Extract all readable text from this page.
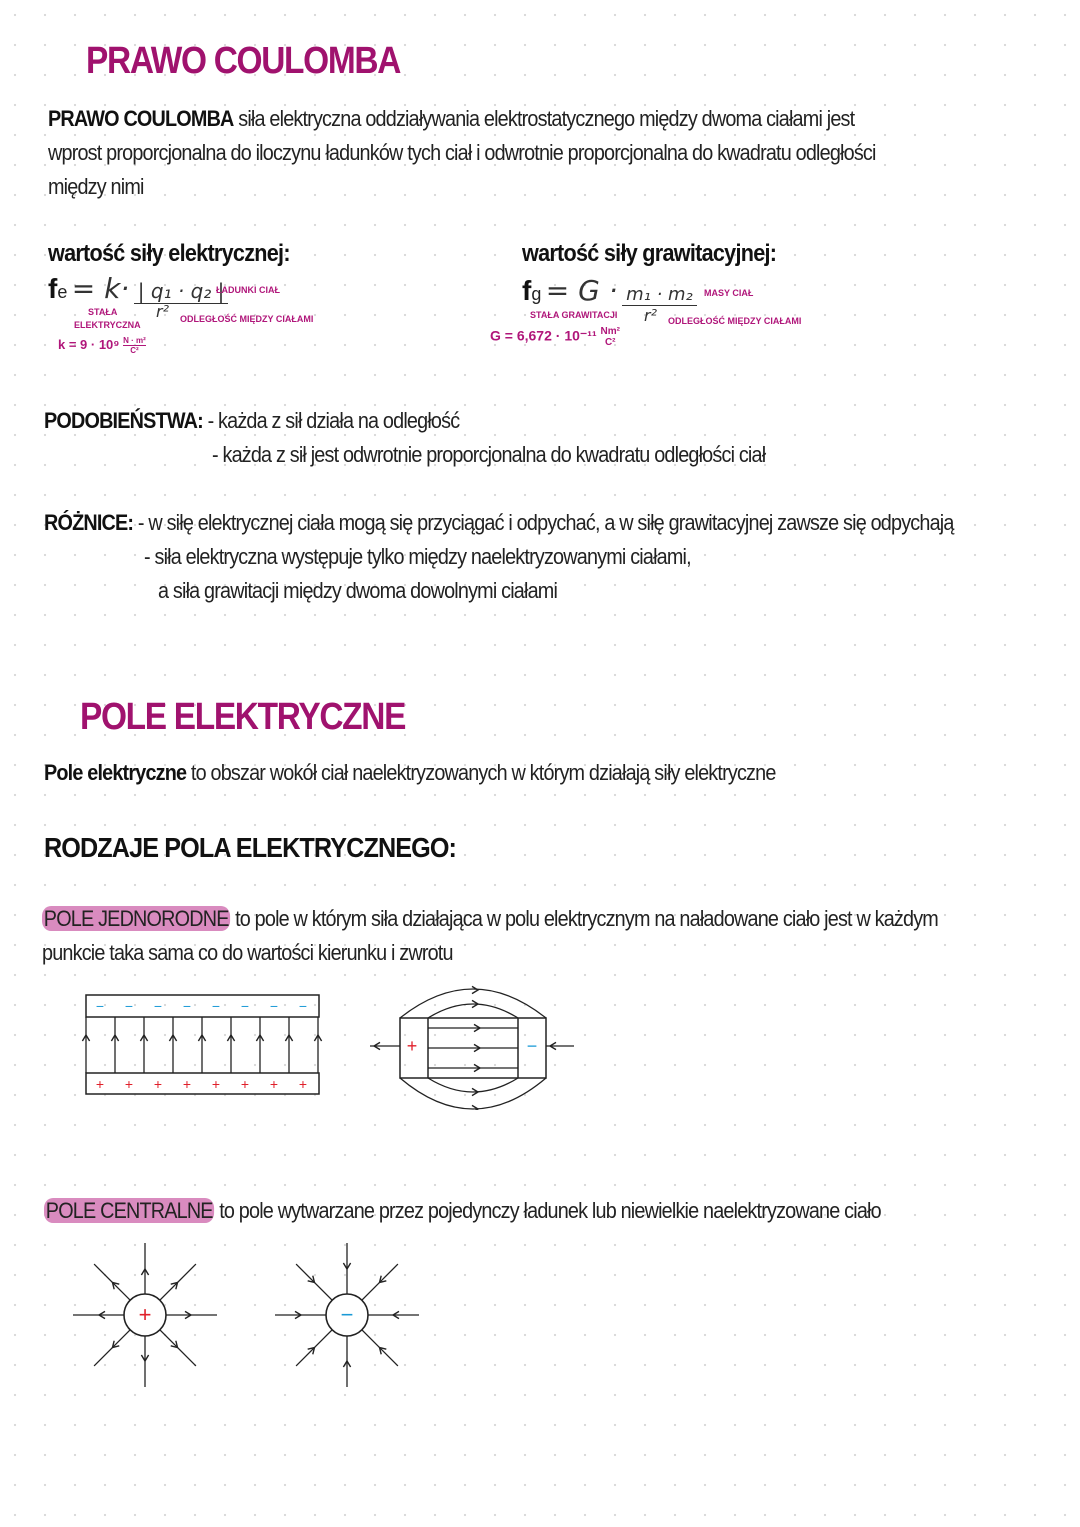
PRAWO COULOMBA
PRAWO COULOMBA siła elektryczna oddziaływania elektrostatycznego między dwoma ciałami jest
wprost proporcjonalna do iloczynu ładunków tych ciał i odwrotnie proporcjonalna do kwadratu odległości
między nimi
wartość siły elektrycznej:
fe = k· | q₁ · q₂ |
ŁADUNKI CIAŁ
r² ODLEGŁOŚĆ MIĘDZY CIAŁAMI
STAŁA
ELEKTRYCZNA
$k = 9 \cdot 10^9 \frac{\text{N · m²}}{\text{C²}}$
wartość siły grawitacyjnej:
fg = G · m₁ · m₂	MASY CIAŁ
r² ODLEGŁOŚĆ MIĘDZY CIAŁAMI
STAŁA GRAWITACJI
G = 6,672 · 10⁻¹¹ Nm²
C²
PODOBIEŃSTWA: - każda z sił działa na odległość
- każda z sił jest odwrotnie proporcjonalna do kwadratu odległości ciał
RÓŻNICE: - w siłę elektrycznej ciała mogą się przyciągać i odpychać, a w siłę grawitacyjnej zawsze się odpychają
- siła elektryczna występuje tylko między naelektryzowanymi ciałami,
a siła grawitacji między dwoma dowolnymi ciałami
POLE ELEKTRYCZNE
Pole elektryczne to obszar wokół ciał naelektryzowanych w którym działają siły elektryczne
RODZAJE POLA ELEKTRYCZNEGO:
POLE JEDNORODNE to pole w którym siła działająca w polu elektrycznym na naładowane ciało jest w każdym
punkcie taka sama co do wartości kierunku i zwrotu
−
+
−
+
−
+
−
+
−
+
−
+
−
+
−
+
+	−
POLE CENTRALNE to pole wytwarzane przez pojedynczy ładunek lub niewielkie naelektryzowane ciało
+	−
